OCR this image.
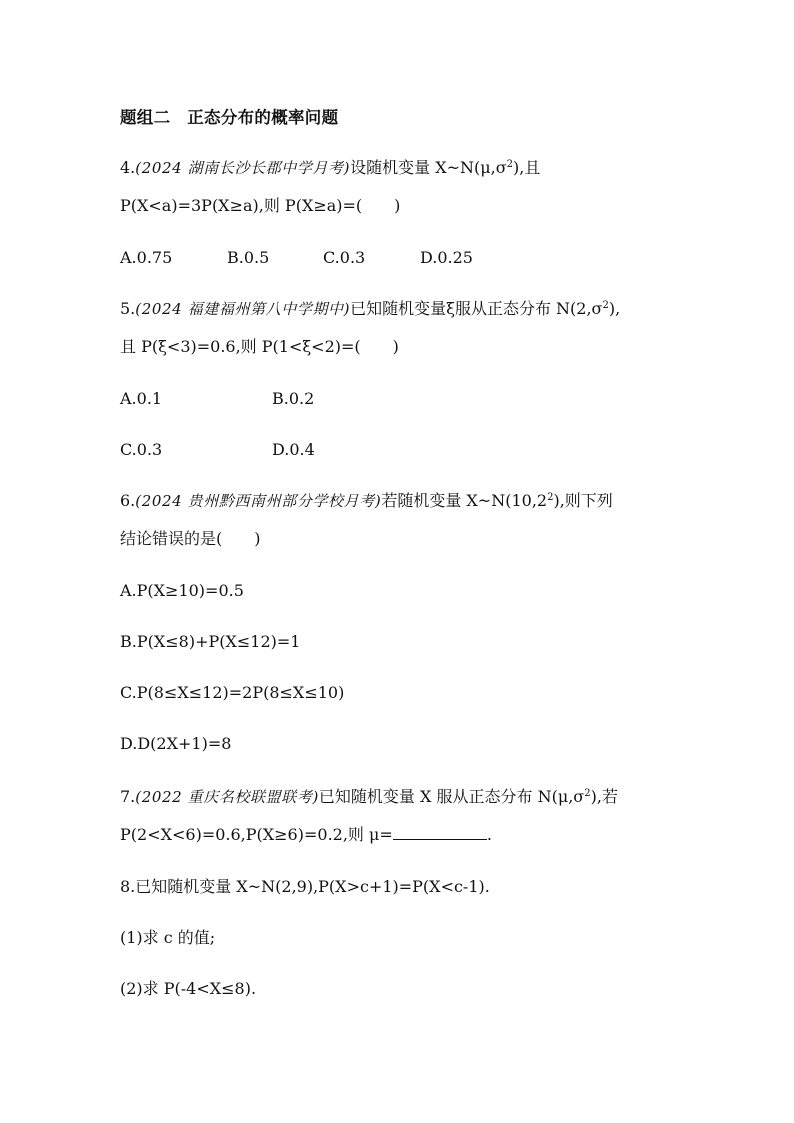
题组二　正态分布的概率问题
4.(2024 湖南长沙长郡中学月考)设随机变量 $X\sim N(\mu,\sigma^2)$,且
P(X<a)=3P(X≥a),则 P(X≥a)=(　　)
A.0.75	B.0.5	C.0.3	D.0.25
5.(2024 福建福州第八中学期中)已知随机变量ξ服从正态分布 $N(2,\sigma^2)$,
且 P(ξ<3)=0.6,则 P(1<ξ<2)=(　　)
A.0.1	B.0.2
C.0.3	D.0.4
6.(2024 贵州黔西南州部分学校月考)若随机变量 X~N(10,2$^2$),则下列
结论错误的是(　　)
A.P(X≥10)=0.5
B.P(X≤8)+P(X≤12)=1
C.P(8≤X≤12)=2P(8≤X≤10)
D.D(2X+1)=8
7.(2022 重庆名校联盟联考)已知随机变量 X 服从正态分布 $N(\mu,\sigma^2)$,若
P(2<X<6)=0.6,P(X≥6)=0.2,则 μ=	.
8.已知随机变量 X~N(2,9),P(X>c+1)=P(X<c-1).
(1)求 c 的值;
(2)求 P(-4<X≤8).
